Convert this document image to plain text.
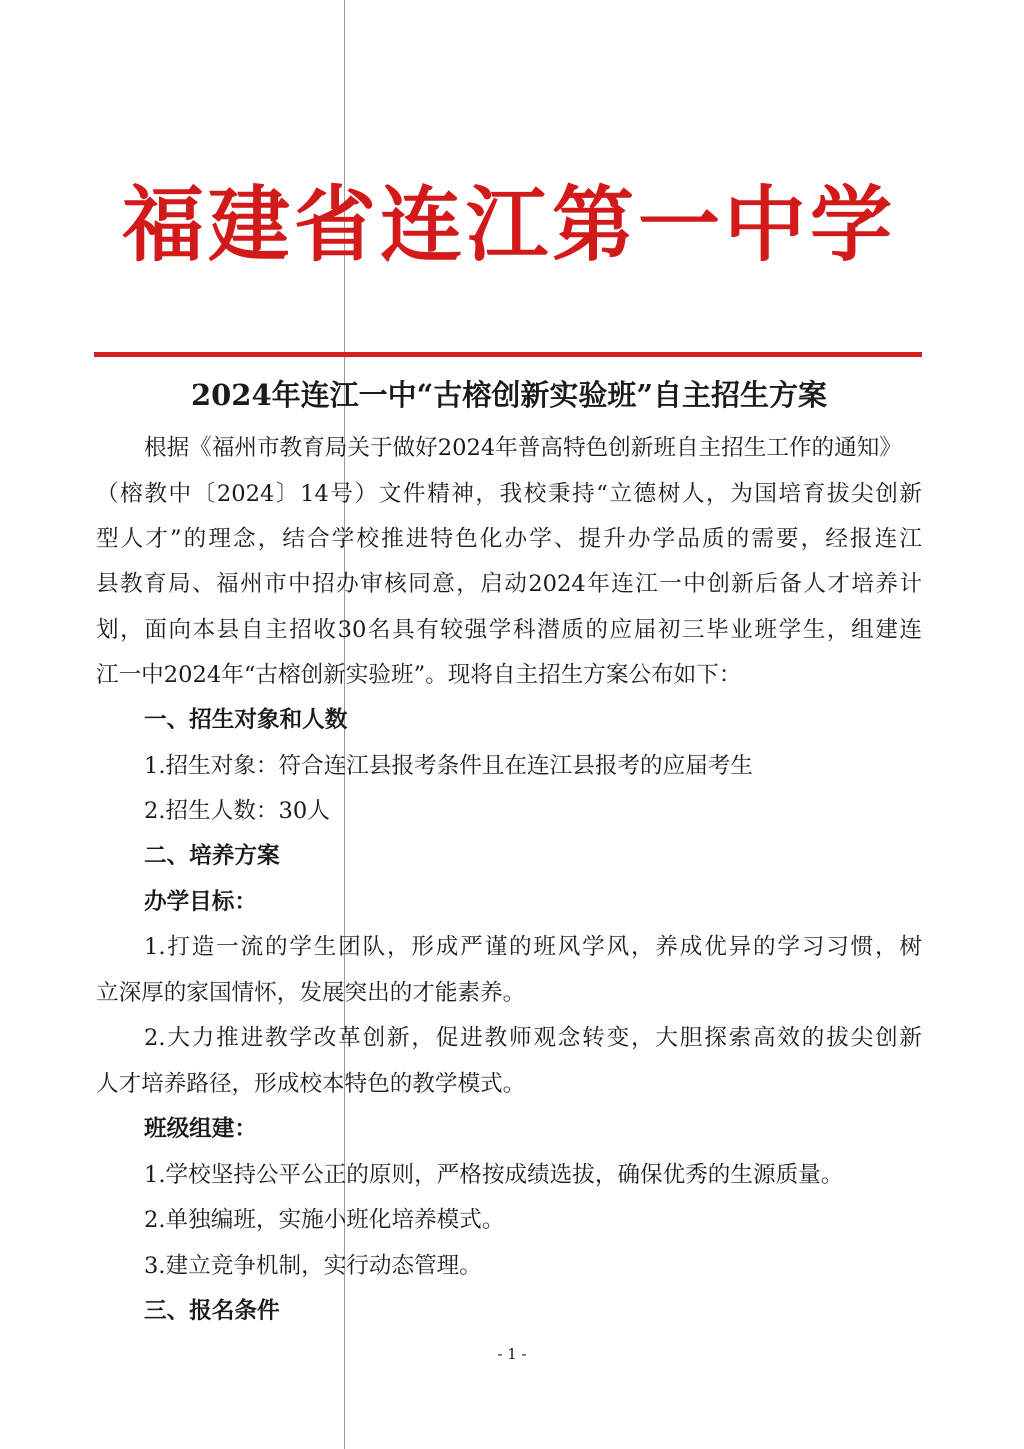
福建省连江第一中学
2024年连江一中“古榕创新实验班”自主招生方案
根据《福州市教育局关于做好2024年普高特色创新班自主招生工作的通知》
（榕教中〔2024〕14号）文件精神，我校秉持“立德树人，为国培育拔尖创新
型人才”的理念，结合学校推进特色化办学、提升办学品质的需要，经报连江
县教育局、福州市中招办审核同意，启动2024年连江一中创新后备人才培养计
划，面向本县自主招收30名具有较强学科潜质的应届初三毕业班学生，组建连
江一中2024年“古榕创新实验班”。现将自主招生方案公布如下：
一、招生对象和人数
1.招生对象：符合连江县报考条件且在连江县报考的应届考生
2.招生人数：30人
二、培养方案
办学目标：
1.打造一流的学生团队，形成严谨的班风学风，养成优异的学习习惯，树
立深厚的家国情怀，发展突出的才能素养。
2.大力推进教学改革创新，促进教师观念转变，大胆探索高效的拔尖创新
人才培养路径，形成校本特色的教学模式。
班级组建：
1.学校坚持公平公正的原则，严格按成绩选拔，确保优秀的生源质量。
2.单独编班，实施小班化培养模式。
3.建立竞争机制，实行动态管理。
三、报名条件
- 1 -
